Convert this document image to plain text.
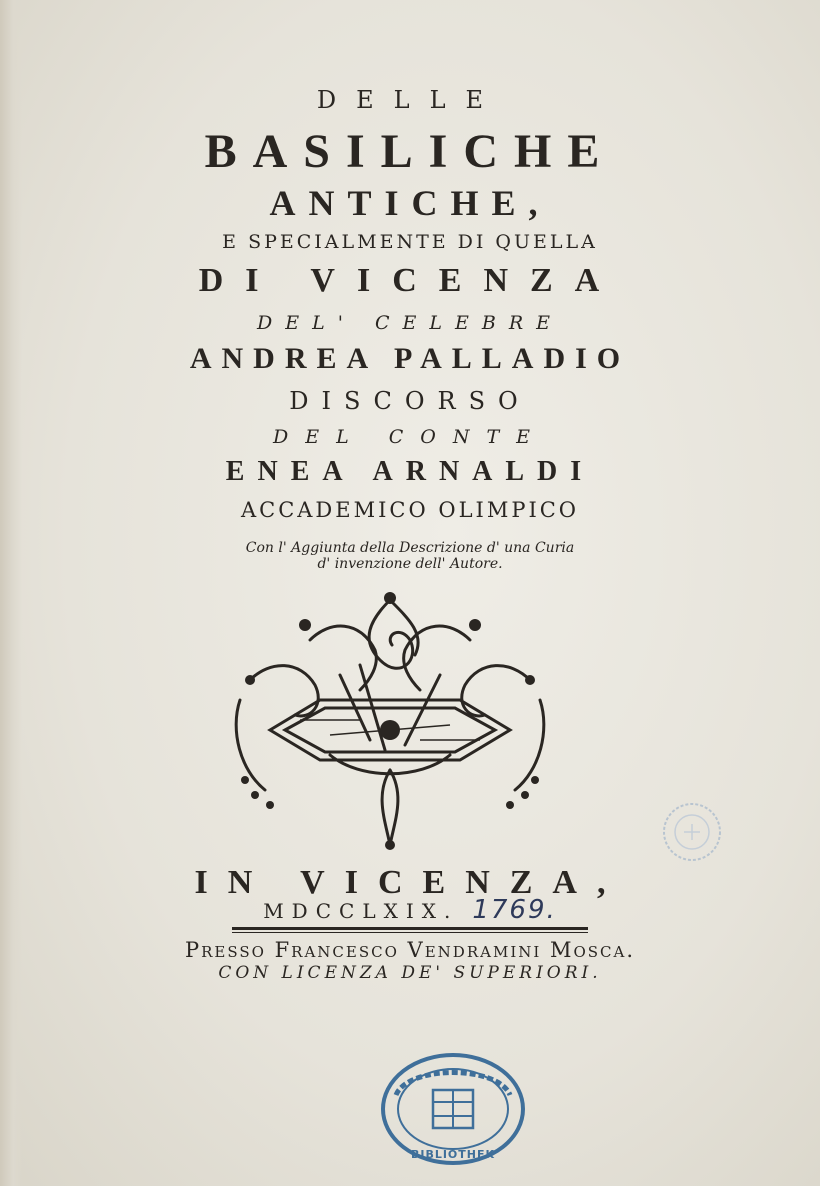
DELLE

BASILICHE

ANTICHE,

E SPECIALMENTE DI QUELLA

DI VICENZA

DEL' CELEBRE

ANDREA PALLADIO

DISCORSO

DEL CONTE

ENEA ARNALDI

ACCADEMICO OLIMPICO

Con l' Aggiunta della Descrizione d' una Curia

d' invenzione dell' Autore.

IN VICENZA,

MDCCLXIX. 1769.

Presso Francesco Vendramini Mosca.

CON LICENZA DE' SUPERIORI.

BIBLIOTHEK
